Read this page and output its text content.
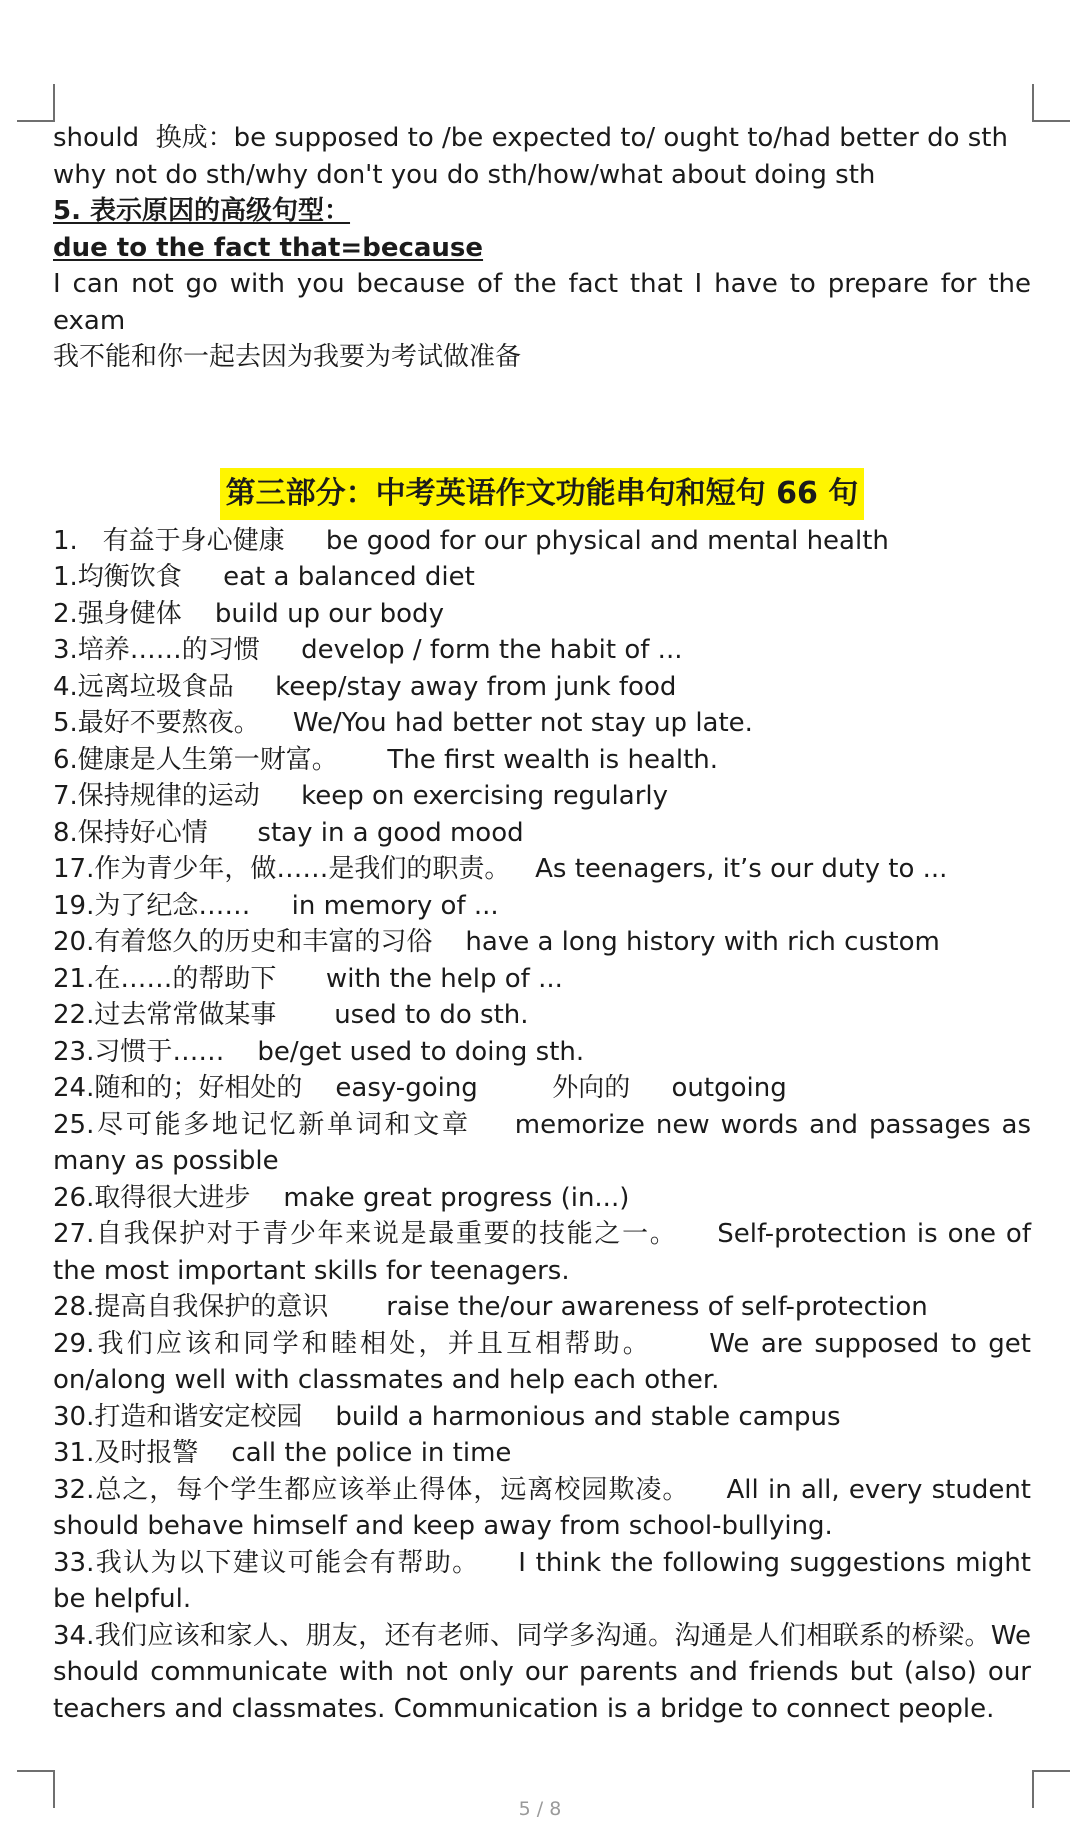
should  换成：be supposed to /be expected to/ ought to/had better do sth
why not do sth/why don't you do sth/how/what about doing sth
5. 表示原因的高级句型：
due to the fact that=because
I can not go with you because of the fact that I have to prepare for the exam
我不能和你一起去因为我要为考试做准备
第三部分：中考英语作文功能串句和短句 66 句
1.   有益于身心健康     be good for our physical and mental health
1.均衡饮食     eat a balanced diet
2.强身健体    build up our body
3.培养……的习惯     develop / form the habit of ...
4.远离垃圾食品     keep/stay away from junk food
5.最好不要熬夜。    We/You had better not stay up late.
6.健康是人生第一财富。      The first wealth is health.
7.保持规律的运动     keep on exercising regularly
8.保持好心情      stay in a good mood
17.作为青少年，做……是我们的职责。   As teenagers, it’s our duty to ...
19.为了纪念……     in memory of ...
20.有着悠久的历史和丰富的习俗    have a long history with rich custom
21.在……的帮助下      with the help of ...
22.过去常常做某事       used to do sth.
23.习惯于……    be/get used to doing sth.
24.随和的；好相处的    easy-going         外向的     outgoing
25.尽可能多地记忆新单词和文章    memorize new words and passages as many as possible
26.取得很大进步    make great progress (in...)
27.自我保护对于青少年来说是最重要的技能之一。    Self-protection is one of the most important skills for teenagers.
28.提高自我保护的意识       raise the/our awareness of self-protection
29.我们应该和同学和睦相处，并且互相帮助。     We are supposed to get on/along well with classmates and help each other.
30.打造和谐安定校园    build a harmonious and stable campus
31.及时报警    call the police in time
32.总之，每个学生都应该举止得体，远离校园欺凌。    All in all, every student should behave himself and keep away from school-bullying.
33.我认为以下建议可能会有帮助。    I think the following suggestions might be helpful.
34.我们应该和家人、朋友，还有老师、同学多沟通。沟通是人们相联系的桥梁。We should communicate with not only our parents and friends but (also) our teachers and classmates. Communication is a bridge to connect people.
5 / 8
